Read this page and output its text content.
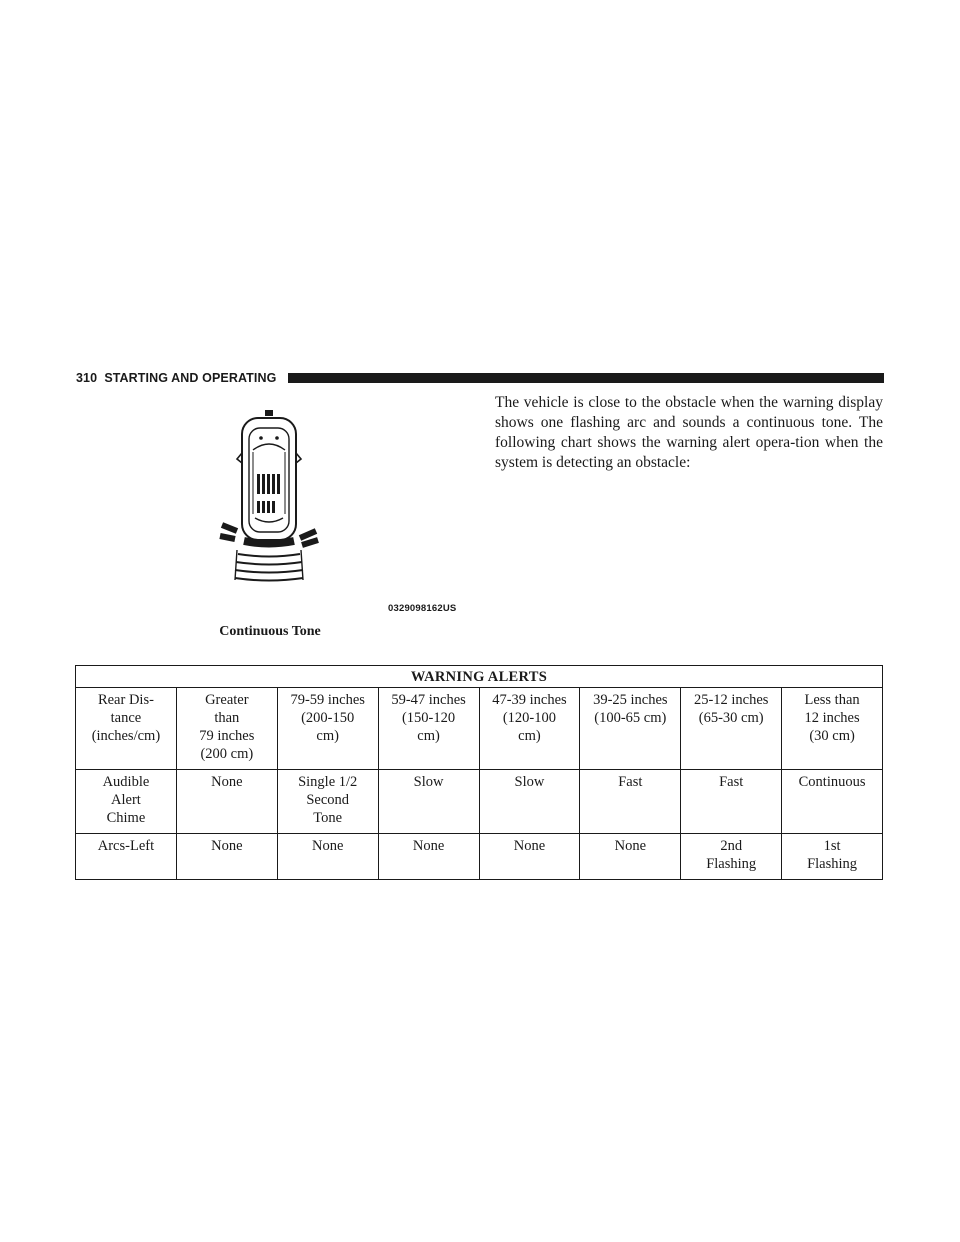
310 STARTING AND OPERATING
0329098162US
Continuous Tone
The vehicle is close to the obstacle when the warning display shows one flashing arc and sounds a continuous tone. The following chart shows the warning alert opera-tion when the system is detecting an obstacle:
WARNING ALERTS							

Rear Dis-
tance
(inches/cm)	Greater
than
79 inches
(200 cm)	79-59 inches
(200-150
cm)	59-47 inches
(150-120
cm)	47-39 inches
(120-100
cm)	39-25 inches
(100-65 cm)	25-12 inches
(65-30 cm)	Less than
12 inches
(30 cm)

Audible
Alert
Chime	None	Single 1/2
Second
Tone	Slow	Slow	Fast	Fast	Continuous

Arcs-Left	None	None	None	None	None	2nd
Flashing	1st
Flashing
